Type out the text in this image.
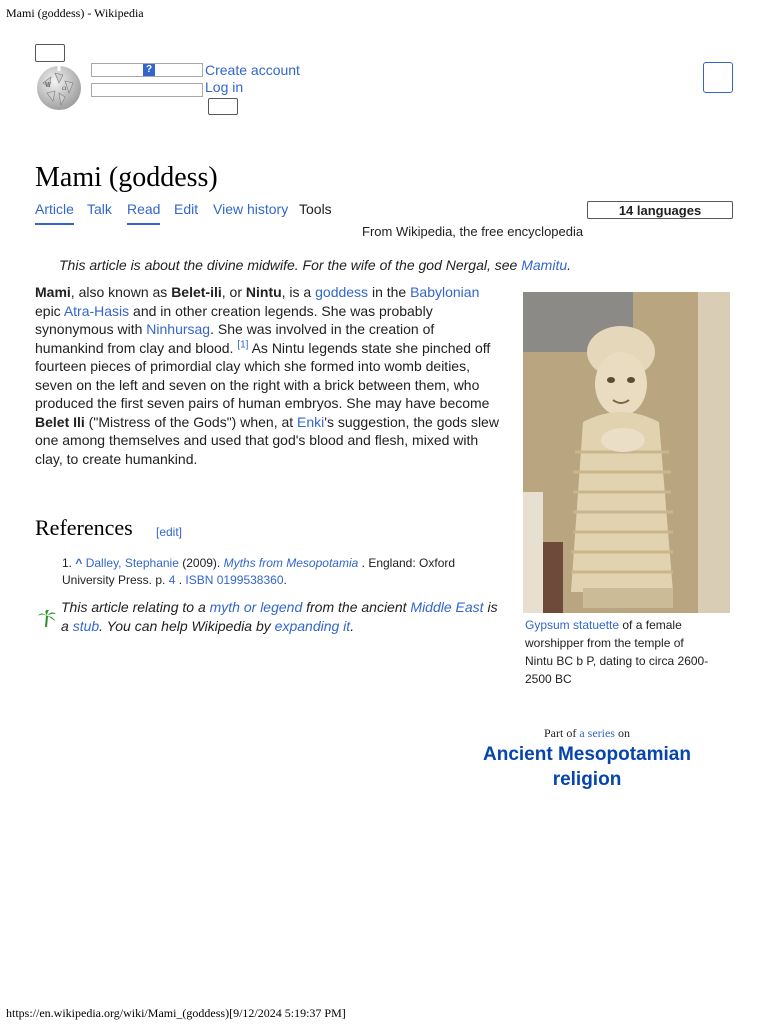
Mami (goddess) - Wikipedia
W Ω
?	Create account
Log in
Mami (goddess)
Article Talk Read Edit View history Tools	14 languages
From Wikipedia, the free encyclopedia
This article is about the divine midwife. For the wife of the god Nergal, see Mamitu.
Mami, also known as Belet-ili, or Nintu, is a goddess in the Babylonian epic Atra-Hasis and in other creation legends. She was probably synonymous with Ninhursag. She was involved in the creation of humankind from clay and blood. [1] As Nintu legends state she pinched off fourteen pieces of primordial clay which she formed into womb deities, seven on the left and seven on the right with a brick between them, who produced the first seven pairs of human embryos. She may have become Belet Ili ("Mistress of the Gods") when, at Enki's suggestion, the gods slew one among themselves and used that god's blood and flesh, mixed with clay, to create humankind.
Gypsum statuette of a female worshipper from the temple of Nintu BC b P, dating to circa 2600-2500 BC
References [edit]
1. ^ Dalley, Stephanie (2009). Myths from Mesopotamia . England: Oxford University Press. p. 4 . ISBN 0199538360.
This article relating to a myth or legend from the ancient Middle East is a stub. You can help Wikipedia by expanding it.
Part of a series on
Ancient Mesopotamian religion
https://en.wikipedia.org/wiki/Mami_(goddess)[9/12/2024 5:19:37 PM]
